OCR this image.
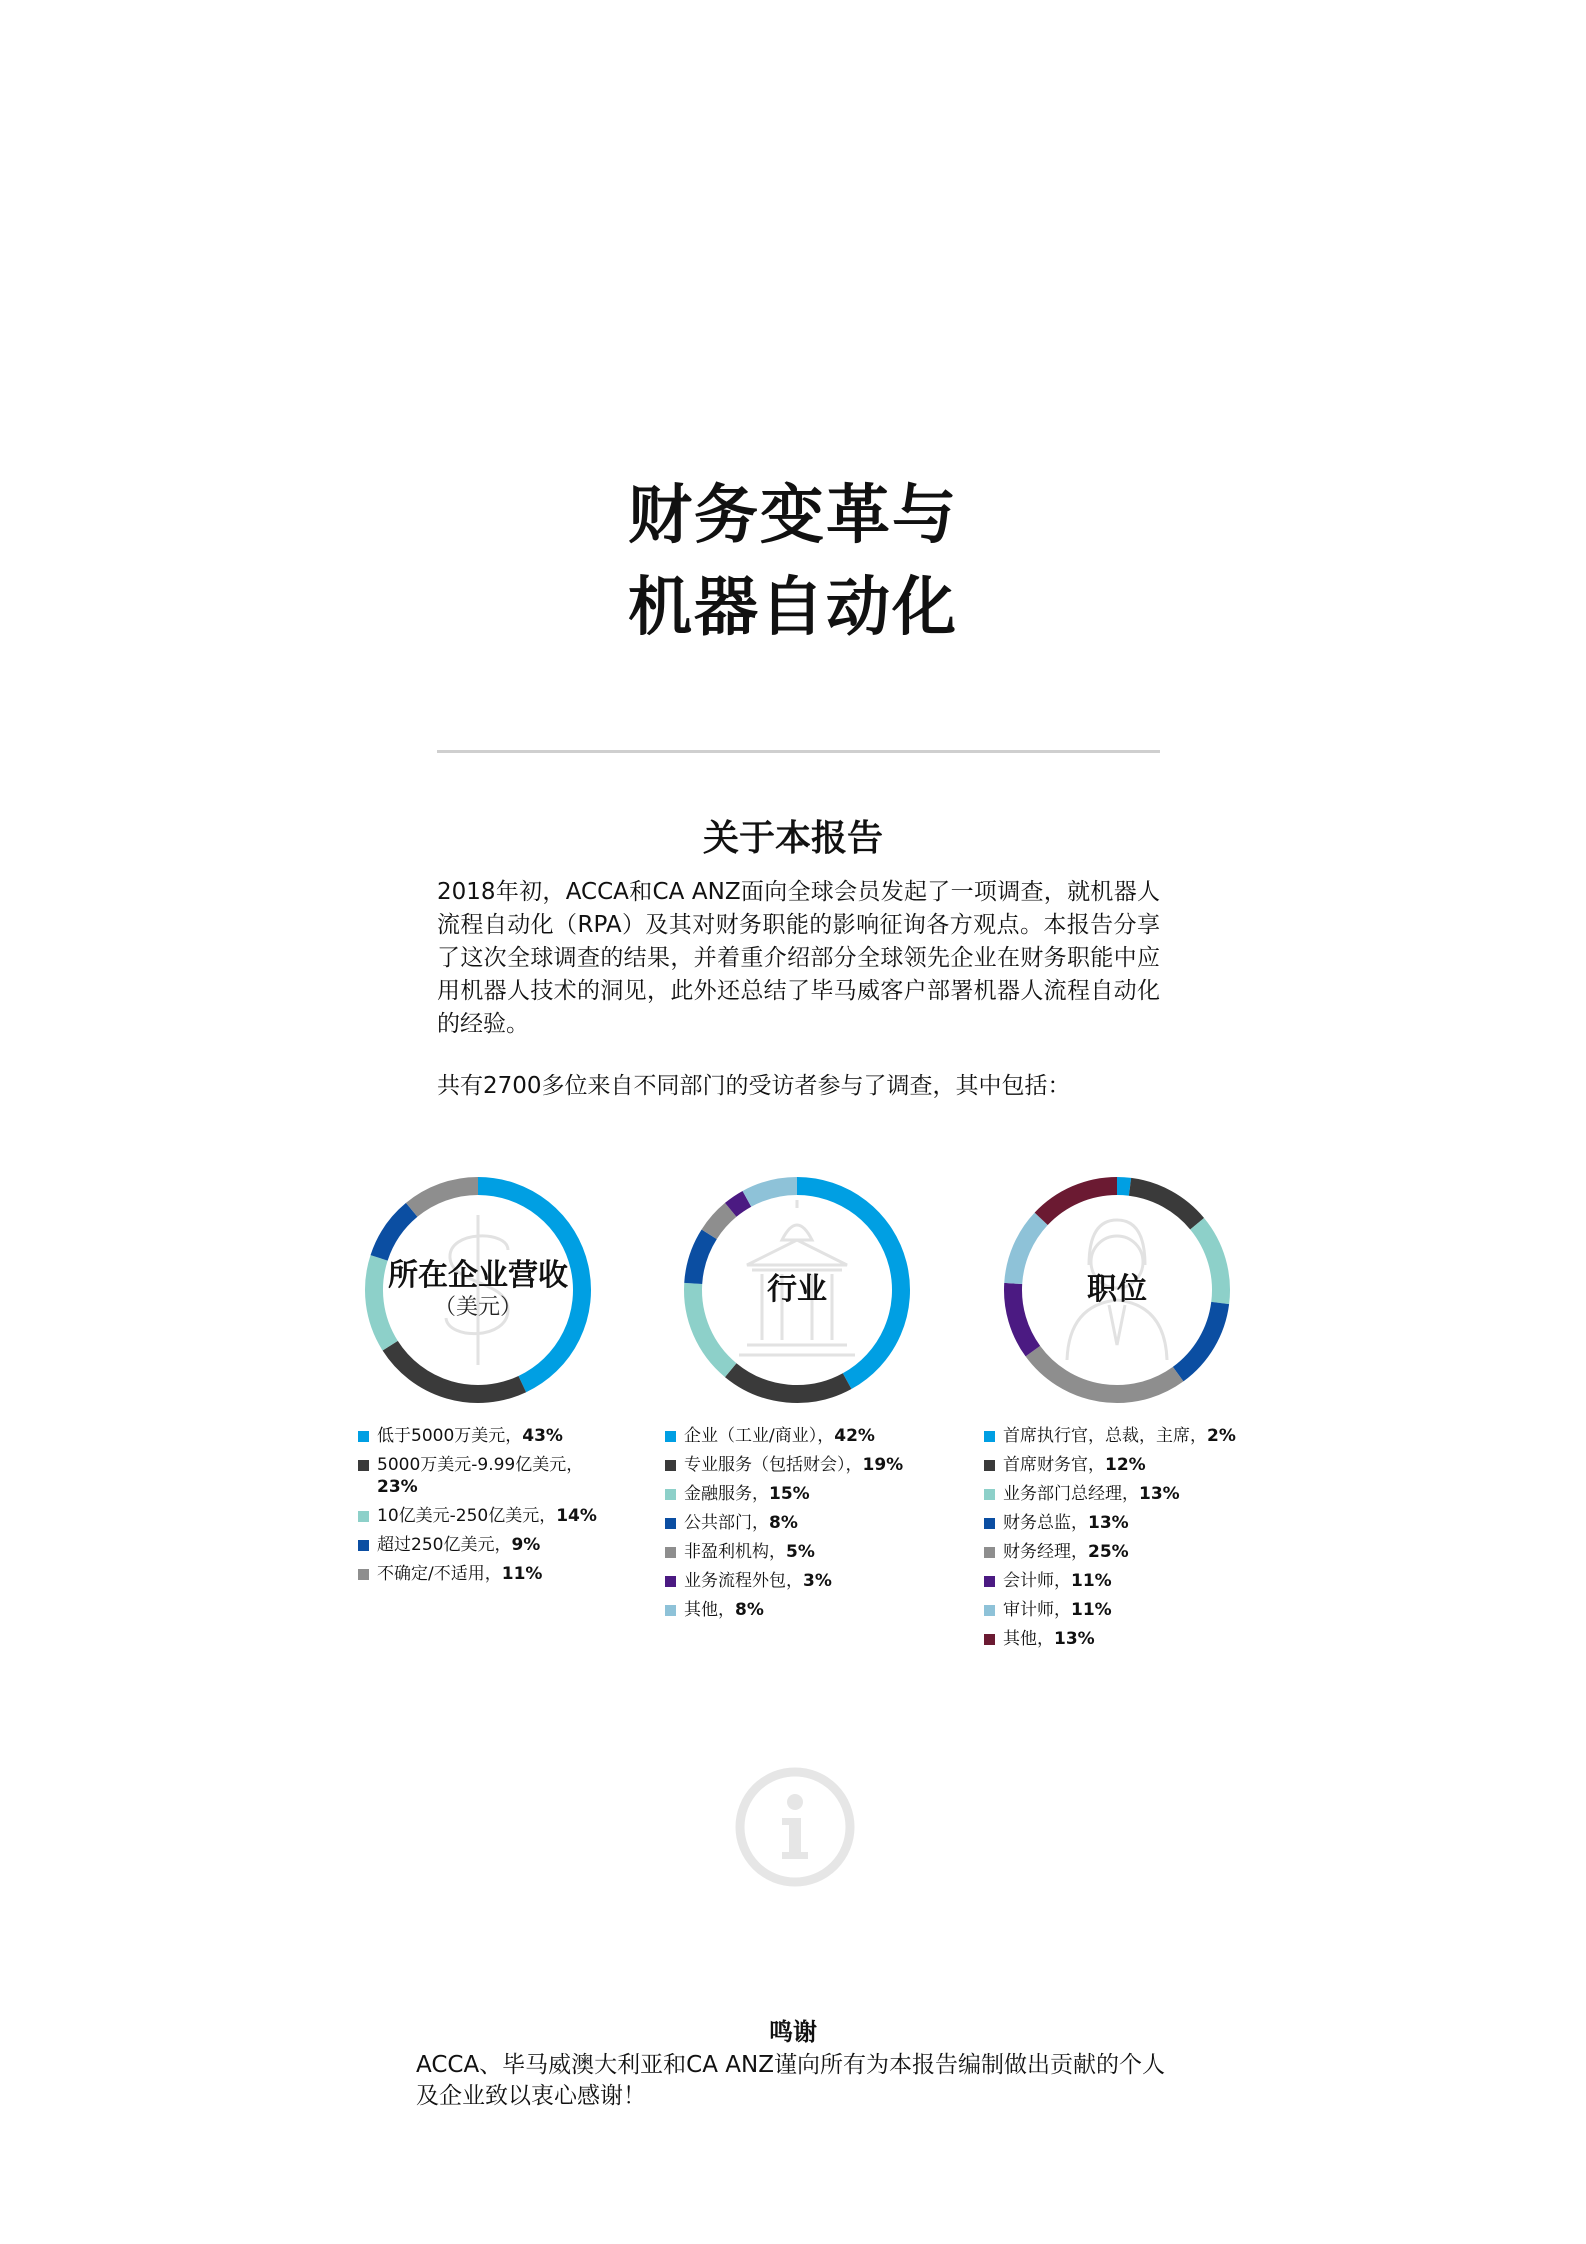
财务变革与
机器自动化
关于本报告
2018年初，ACCA和CA ANZ面向全球会员发起了一项调查，就机器人流程自动化（RPA）及其对财务职能的影响征询各方观点。本报告分享了这次全球调查的结果，并着重介绍部分全球领先企业在财务职能中应用机器人技术的洞见，此外还总结了毕马威客户部署机器人流程自动化的经验。
共有2700多位来自不同部门的受访者参与了调查，其中包括：
所在企业营收
（美元）
行业	职位
低于5000万美元，43%
5000万美元-9.99亿美元，23%
10亿美元-250亿美元，14%
超过250亿美元，9%
不确定/不适用，11%
企业（工业/商业），42%
专业服务（包括财会），19%
金融服务，15%
公共部门，8%
非盈利机构，5%
业务流程外包，3%
其他，8%
首席执行官，总裁，主席，2%
首席财务官，12%
业务部门总经理，13%
财务总监，13%
财务经理，25%
会计师，11%
审计师，11%
其他，13%
鸣谢
ACCA、毕马威澳大利亚和CA ANZ谨向所有为本报告编制做出贡献的个人及企业致以衷心感谢！
